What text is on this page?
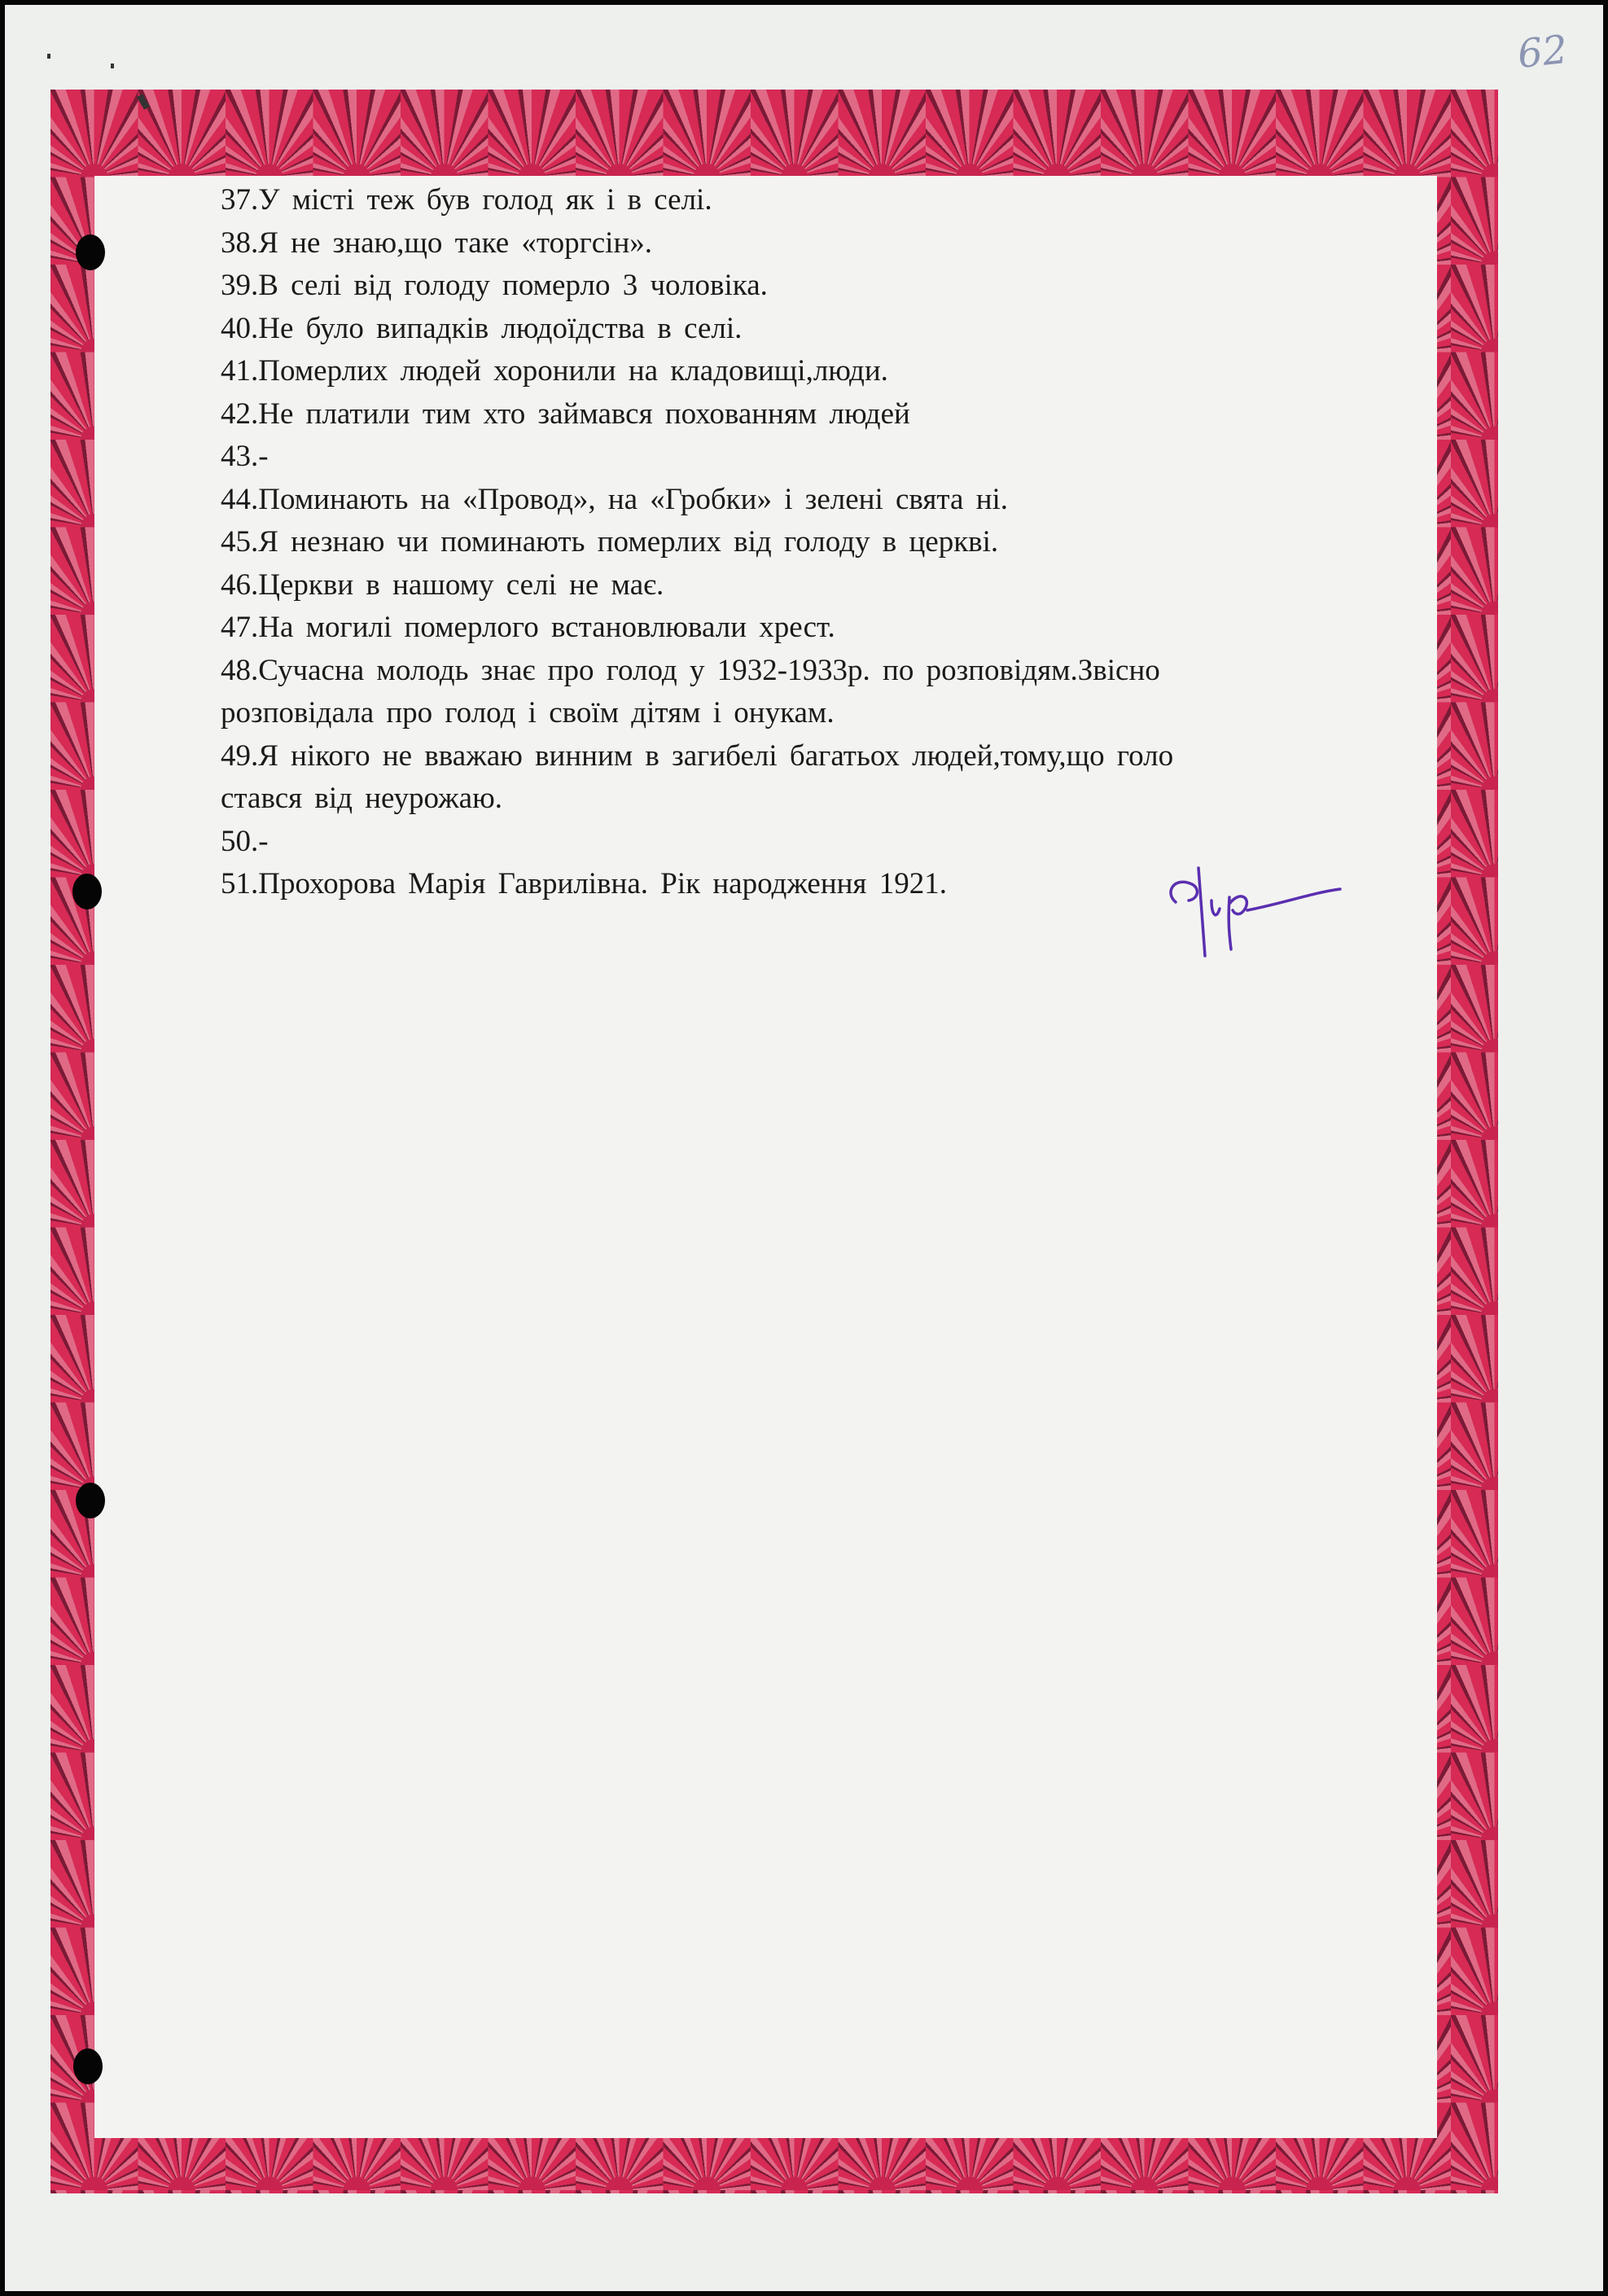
62
37.У місті теж був голод як і в селі.
38.Я не знаю,що таке «торгсін».
39.В селі від голоду померло 3 чоловіка.
40.Не було випадків людоїдства в селі.
41.Померлих людей хоронили на кладовищі,люди.
42.Не платили тим хто займався похованням людей
43.-
44.Поминають на «Провод», на «Гробки» і зелені свята ні.
45.Я незнаю чи поминають померлих від голоду в церкві.
46.Церкви в нашому селі не має.
47.На могилі померлого встановлювали хрест.
48.Сучасна молодь знає про голод у 1932-1933р. по розповідям.Звісно
розповідала про голод і своїм дітям і онукам.
49.Я нікого не вважаю винним в загибелі багатьох людей,тому,що голо
стався від неурожаю.
50.-
51.Прохорова Марія Гаврилівна. Рік народження 1921.
